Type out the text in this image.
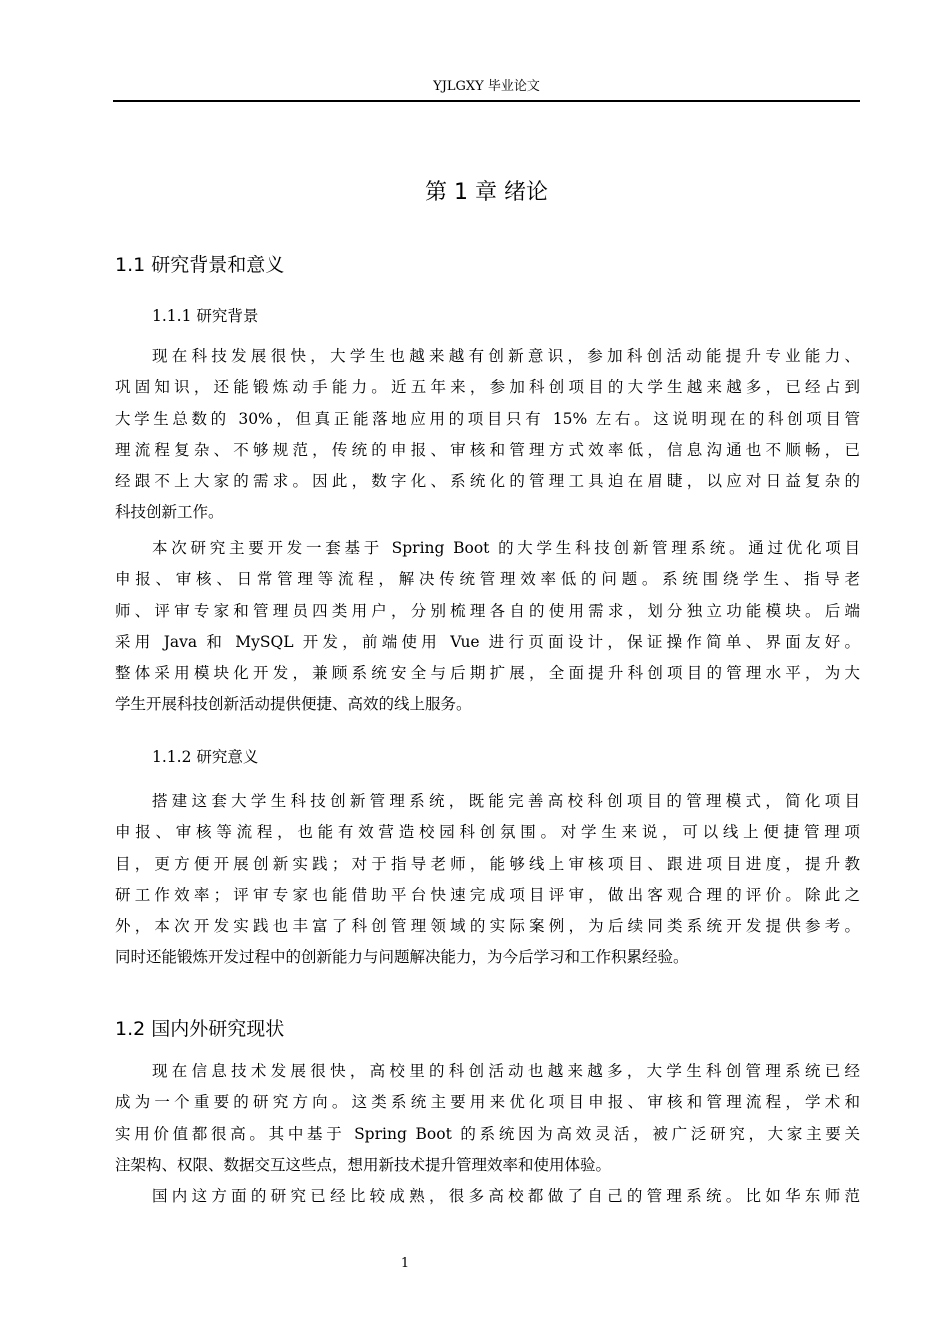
YJLGXY 毕业论文
第 1 章 绪论
1.1 研究背景和意义
1.1.1 研究背景
现在科技发展很快，大学生也越来越有创新意识，参加科创活动能提升专业能力、
巩固知识，还能锻炼动手能力。近五年来，参加科创项目的大学生越来越多，已经占到
大学生总数的 30%，但真正能落地应用的项目只有 15% 左右。这说明现在的科创项目管
理流程复杂、不够规范，传统的申报、审核和管理方式效率低，信息沟通也不顺畅，已
经跟不上大家的需求。因此，数字化、系统化的管理工具迫在眉睫，以应对日益复杂的
科技创新工作。
本次研究主要开发一套基于 Spring Boot 的大学生科技创新管理系统。通过优化项目
申报、审核、日常管理等流程，解决传统管理效率低的问题。系统围绕学生、指导老
师、评审专家和管理员四类用户，分别梳理各自的使用需求，划分独立功能模块。后端
采用 Java 和 MySQL 开发，前端使用 Vue 进行页面设计，保证操作简单、界面友好。
整体采用模块化开发，兼顾系统安全与后期扩展，全面提升科创项目的管理水平，为大
学生开展科技创新活动提供便捷、高效的线上服务。
1.1.2 研究意义
搭建这套大学生科技创新管理系统，既能完善高校科创项目的管理模式，简化项目
申报、审核等流程，也能有效营造校园科创氛围。对学生来说，可以线上便捷管理项
目，更方便开展创新实践；对于指导老师，能够线上审核项目、跟进项目进度，提升教
研工作效率；评审专家也能借助平台快速完成项目评审，做出客观合理的评价。除此之
外，本次开发实践也丰富了科创管理领域的实际案例，为后续同类系统开发提供参考。
同时还能锻炼开发过程中的创新能力与问题解决能力，为今后学习和工作积累经验。
1.2 国内外研究现状
现在信息技术发展很快，高校里的科创活动也越来越多，大学生科创管理系统已经
成为一个重要的研究方向。这类系统主要用来优化项目申报、审核和管理流程，学术和
实用价值都很高。其中基于 Spring Boot 的系统因为高效灵活，被广泛研究，大家主要关
注架构、权限、数据交互这些点，想用新技术提升管理效率和使用体验。
国内这方面的研究已经比较成熟，很多高校都做了自己的管理系统。比如华东师范
1
